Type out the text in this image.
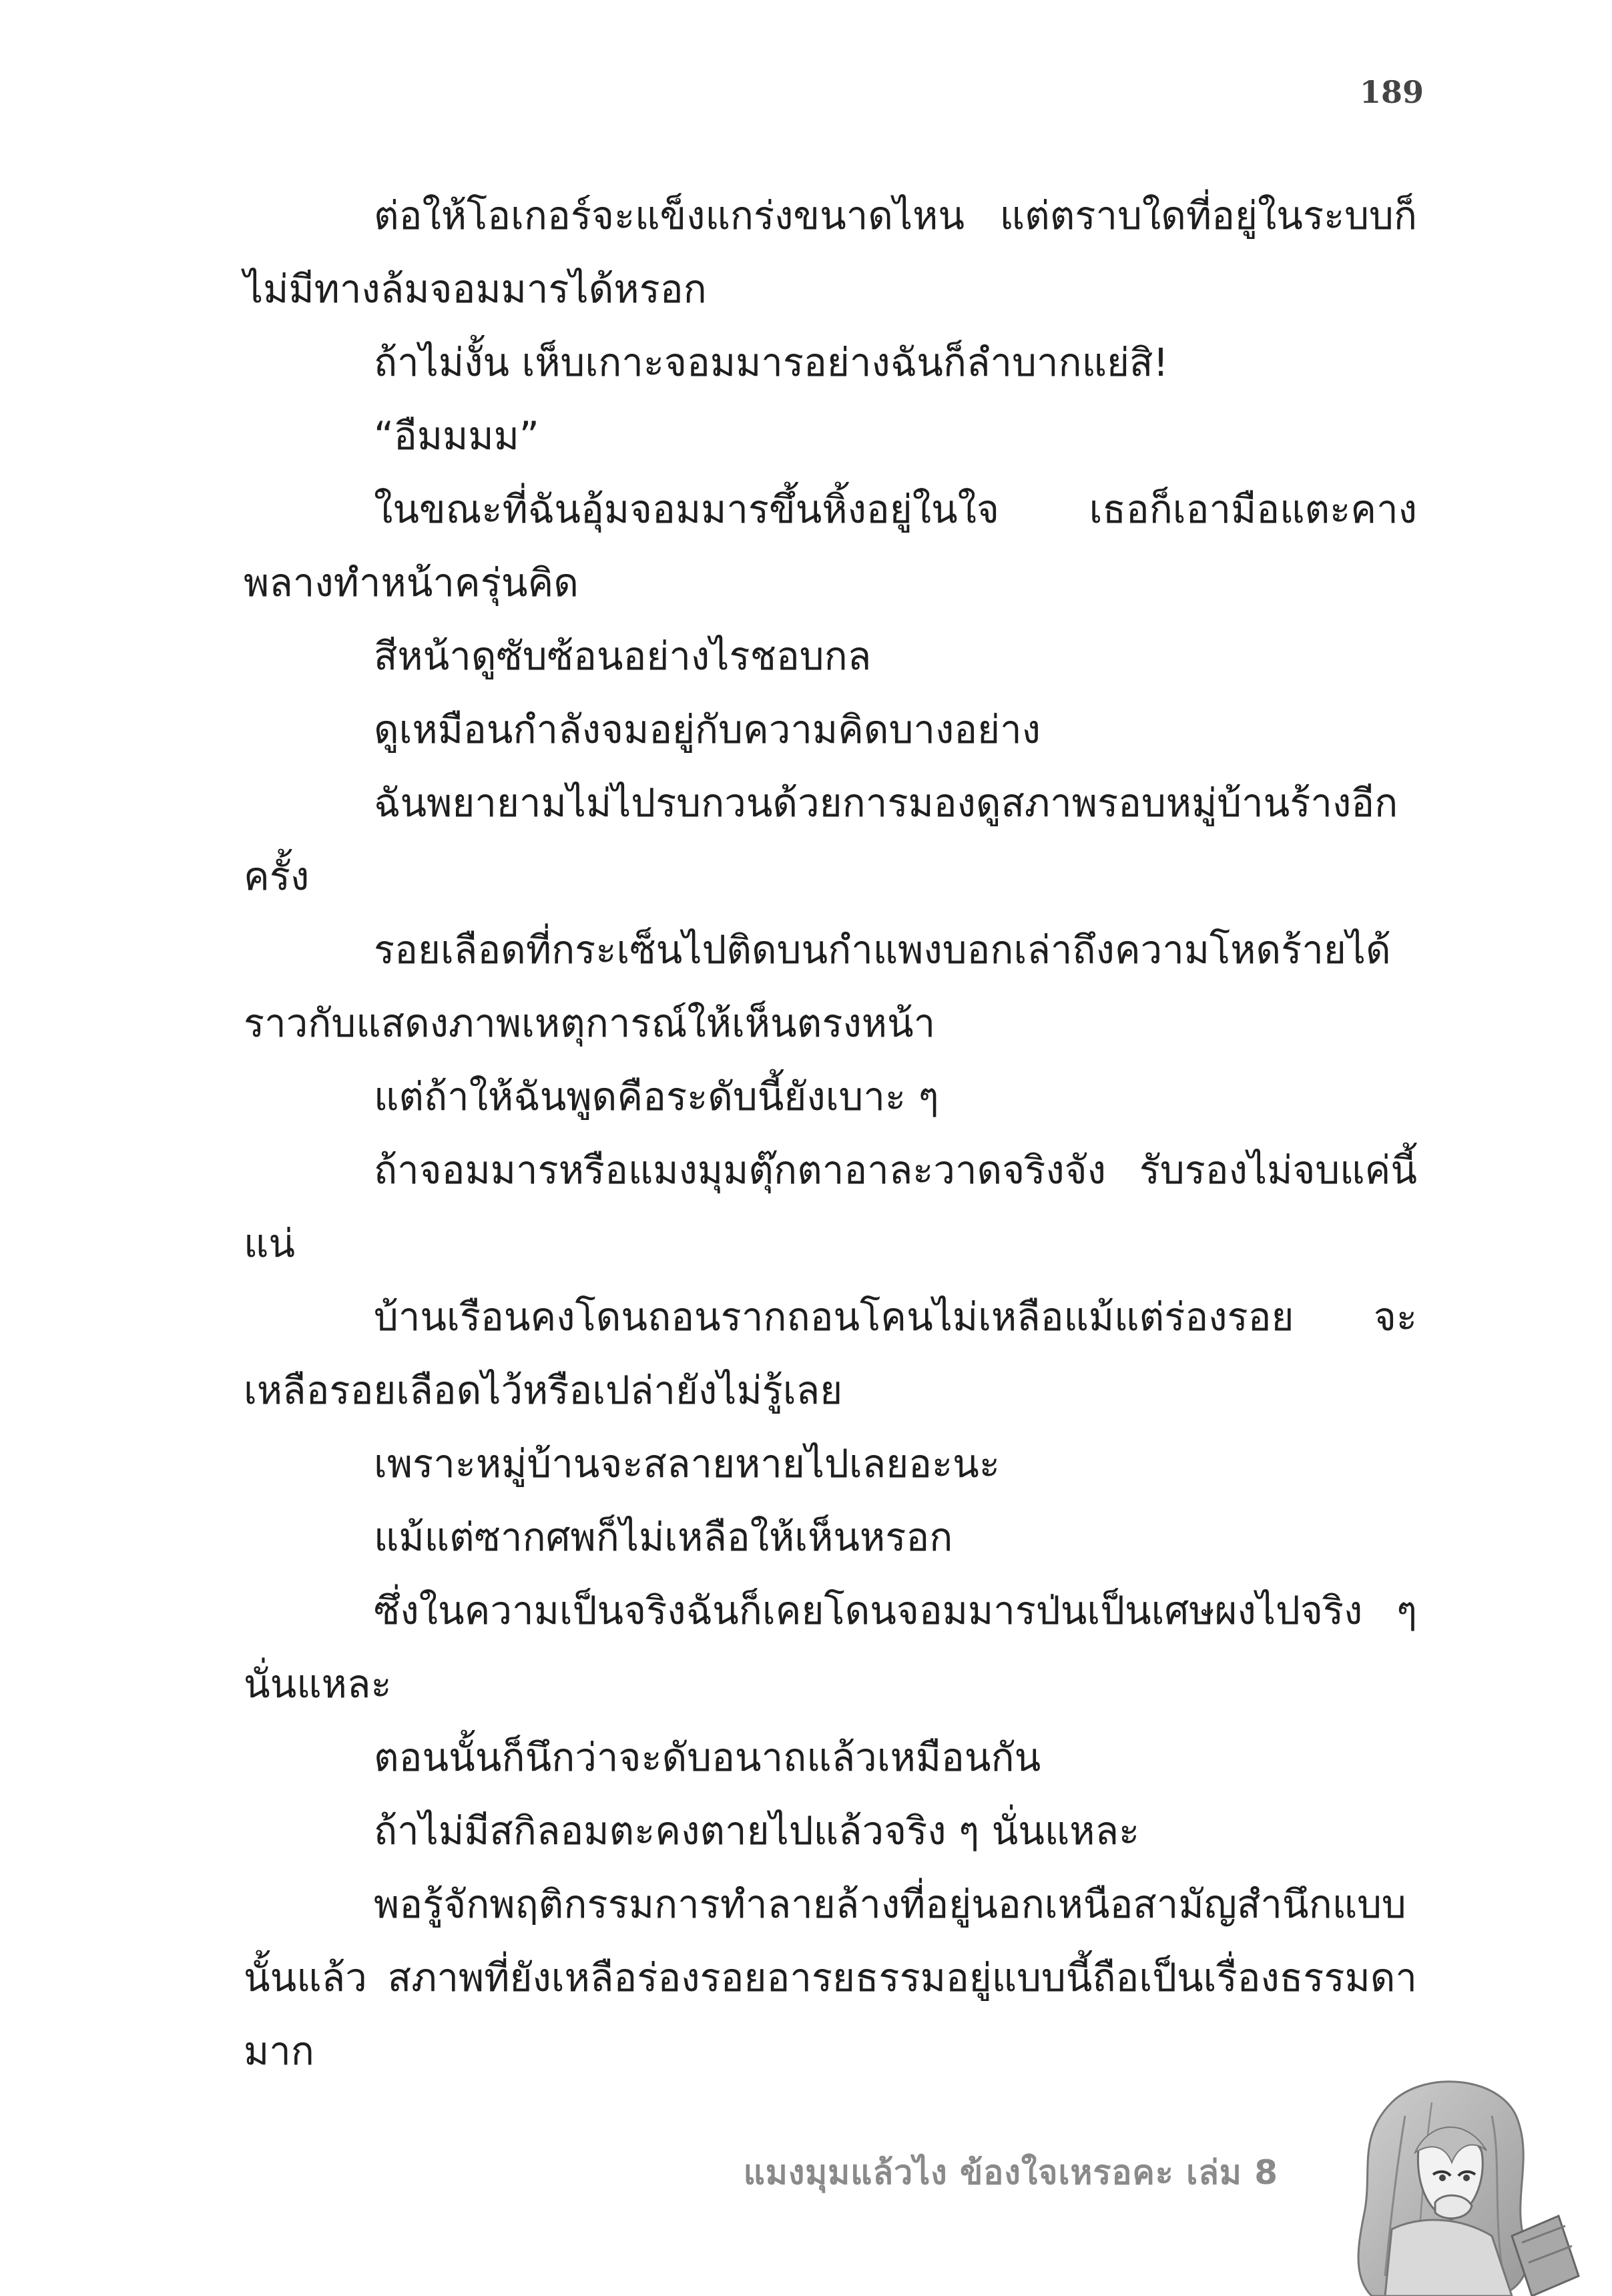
189

ต่อให้โอเกอร์จะแข็งแกร่งขนาดไหน แต่ตราบใดที่อยู่ในระบบก็ไม่มีทางล้มจอมมารได้หรอก

ถ้าไม่งั้น เห็บเกาะจอมมารอย่างฉันก็ลำบากแย่สิ!

“อืมมมม”

ในขณะที่ฉันอุ้มจอมมารขึ้นหิ้งอยู่ในใจ เธอก็เอามือแตะคางพลางทำหน้าครุ่นคิด

สีหน้าดูซับซ้อนอย่างไรชอบกล

ดูเหมือนกำลังจมอยู่กับความคิดบางอย่าง

ฉันพยายามไม่ไปรบกวนด้วยการมองดูสภาพรอบหมู่บ้านร้างอีกครั้ง

รอยเลือดที่กระเซ็นไปติดบนกำแพงบอกเล่าถึงความโหดร้ายได้ราวกับแสดงภาพเหตุการณ์ให้เห็นตรงหน้า

แต่ถ้าให้ฉันพูดคือระดับนี้ยังเบาะ ๆ

ถ้าจอมมารหรือแมงมุมตุ๊กตาอาละวาดจริงจัง รับรองไม่จบแค่นี้แน่

บ้านเรือนคงโดนถอนรากถอนโคนไม่เหลือแม้แต่ร่องรอย จะเหลือรอยเลือดไว้หรือเปล่ายังไม่รู้เลย

เพราะหมู่บ้านจะสลายหายไปเลยอะนะ

แม้แต่ซากศพก็ไม่เหลือให้เห็นหรอก

ซึ่งในความเป็นจริงฉันก็เคยโดนจอมมารป่นเป็นเศษผงไปจริง ๆ นั่นแหละ

ตอนนั้นก็นึกว่าจะดับอนาถแล้วเหมือนกัน

ถ้าไม่มีสกิลอมตะคงตายไปแล้วจริง ๆ นั่นแหละ

พอรู้จักพฤติกรรมการทำลายล้างที่อยู่นอกเหนือสามัญสำนึกแบบนั้นแล้ว สภาพที่ยังเหลือร่องรอยอารยธรรมอยู่แบบนี้ถือเป็นเรื่องธรรมดามาก

แมงมุมแล้วไง ข้องใจเหรอคะ เล่ม 8
